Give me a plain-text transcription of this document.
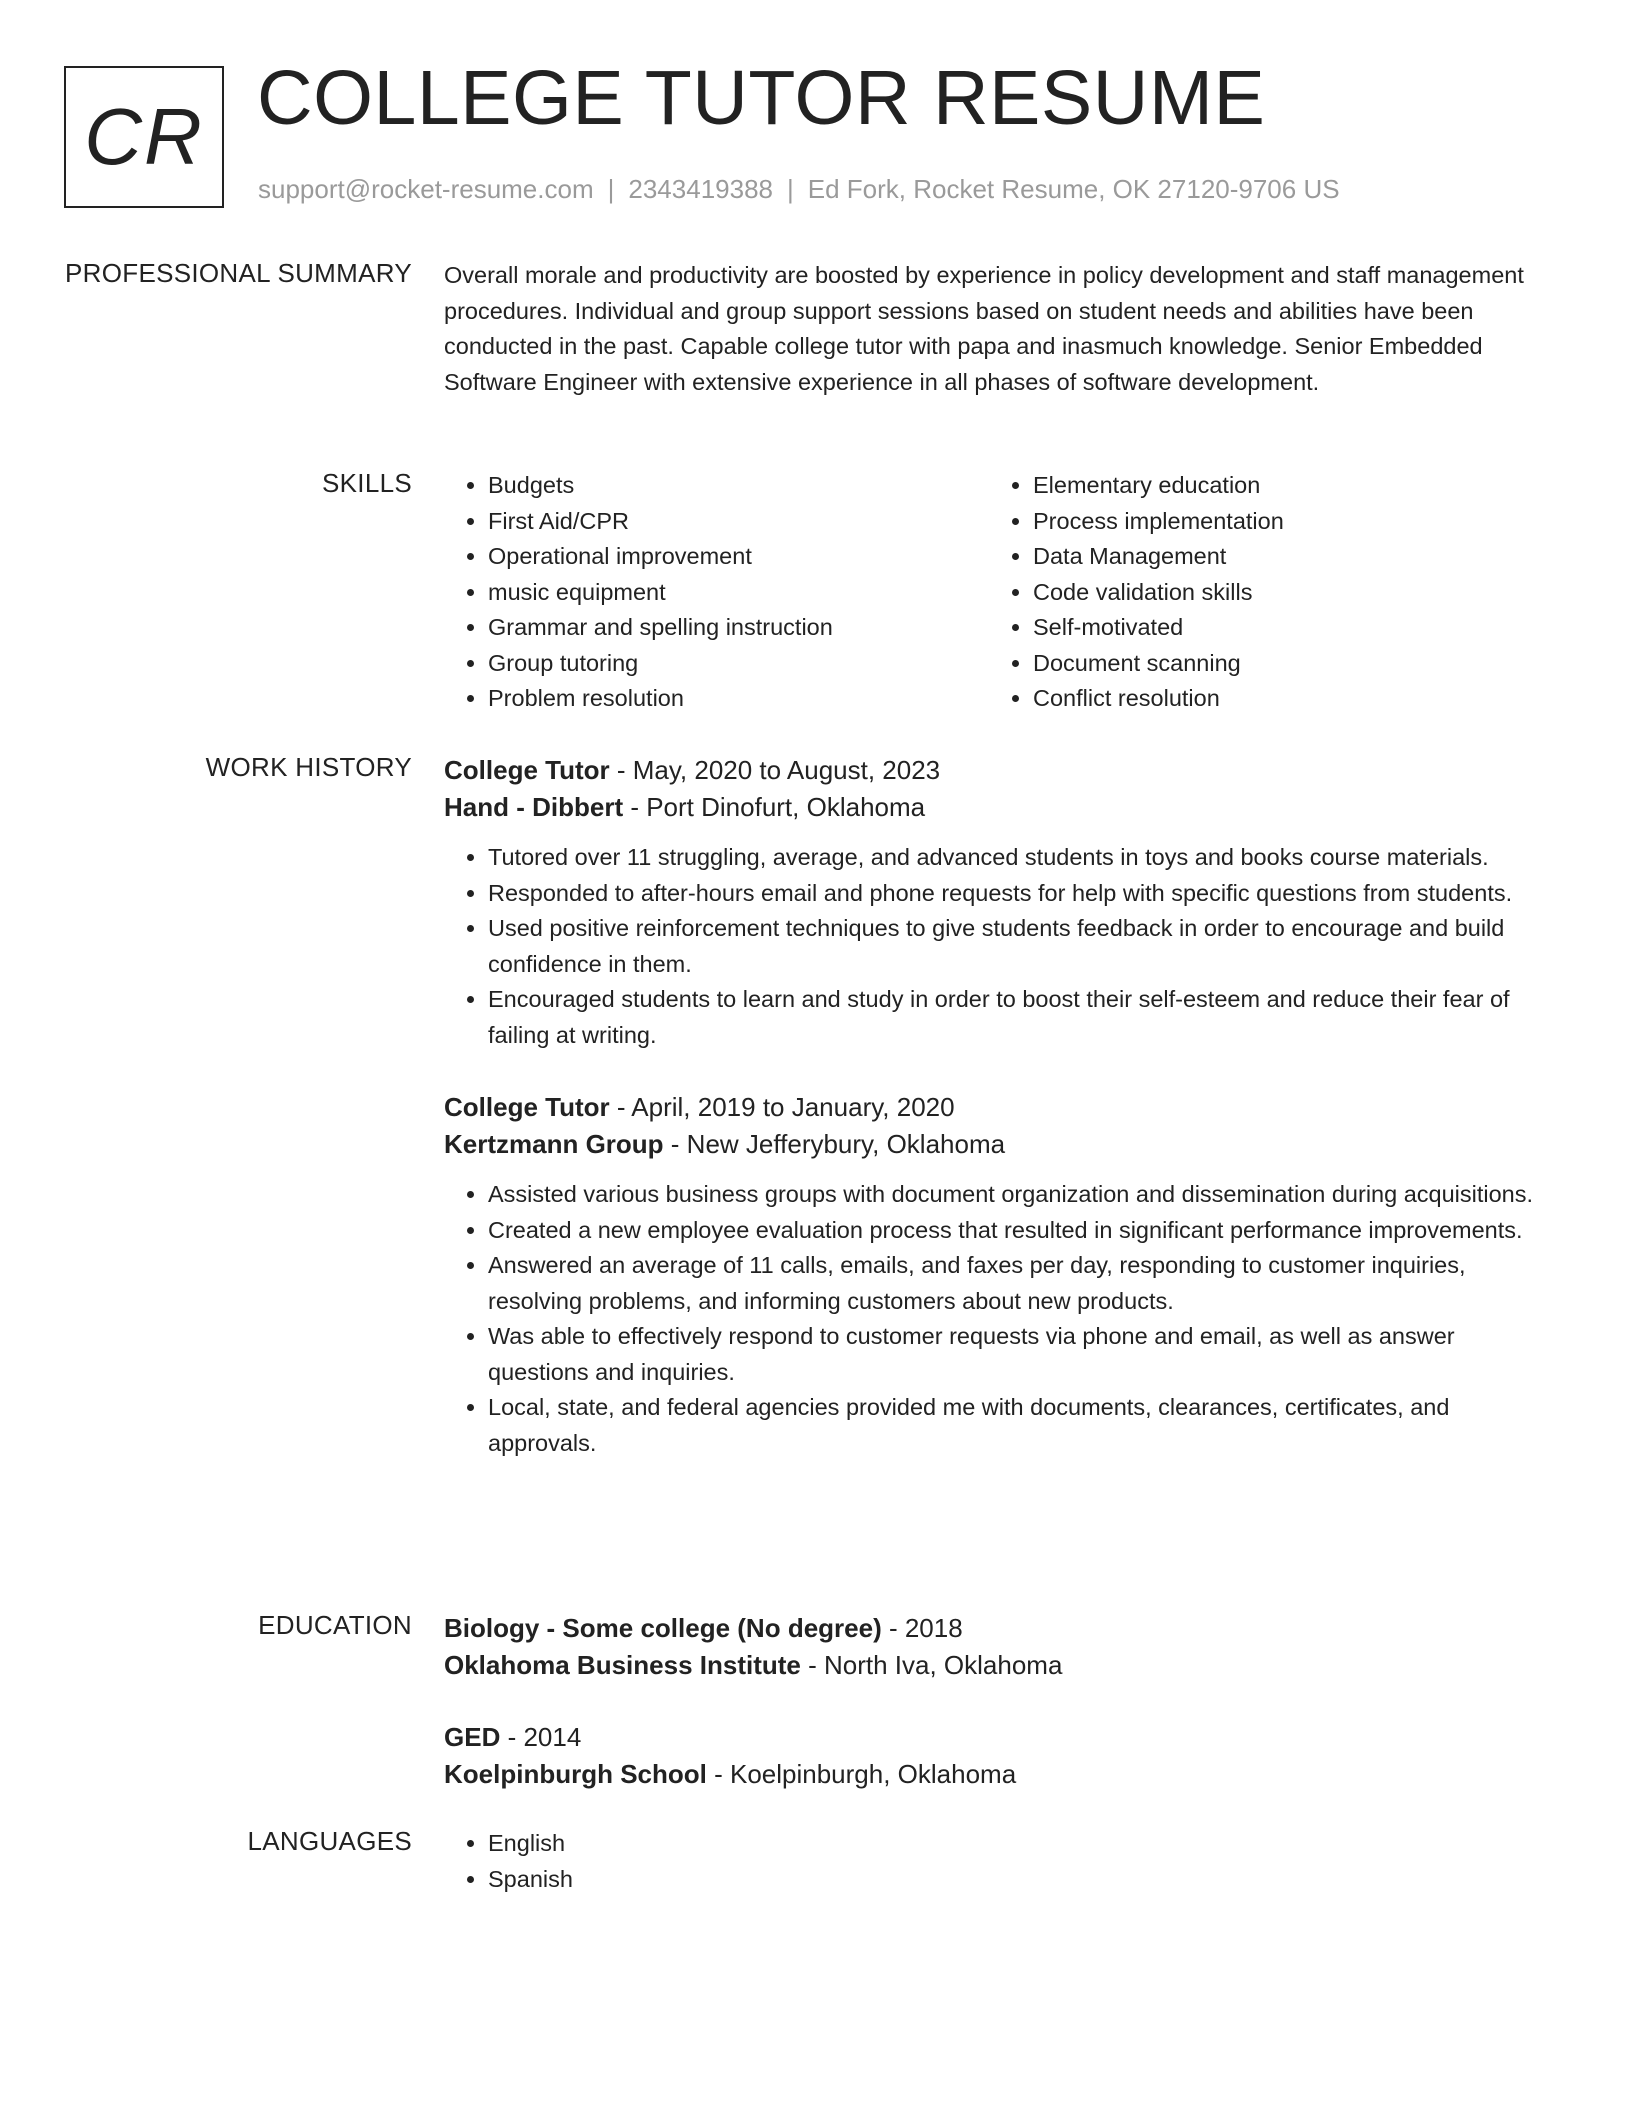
CR COLLEGE TUTOR RESUME
support@rocket-resume.com | 2343419388 | Ed Fork, Rocket Resume, OK 27120-9706 US
PROFESSIONAL SUMMARY Overall morale and productivity are boosted by experience in policy development and staff management procedures. Individual and group support sessions based on student needs and abilities have been conducted in the past. Capable college tutor with papa and inasmuch knowledge. Senior Embedded Software Engineer with extensive experience in all phases of software development.
SKILLS	• Budgets
• First Aid/CPR
• Operational improvement
• music equipment
• Grammar and spelling instruction
• Group tutoring
• Problem resolution
• Elementary education
• Process implementation
• Data Management
• Code validation skills
• Self-motivated
• Document scanning
• Conflict resolution
WORK HISTORY College Tutor - May, 2020 to August, 2023
Hand - Dibbert - Port Dinofurt, Oklahoma
• Tutored over 11 struggling, average, and advanced students in toys and books course materials.
• Responded to after-hours email and phone requests for help with specific questions from students.
• Used positive reinforcement techniques to give students feedback in order to encourage and build confidence in them.
• Encouraged students to learn and study in order to boost their self-esteem and reduce their fear of failing at writing.
College Tutor - April, 2019 to January, 2020
Kertzmann Group - New Jefferybury, Oklahoma
• Assisted various business groups with document organization and dissemination during acquisitions.
• Created a new employee evaluation process that resulted in significant performance improvements.
• Answered an average of 11 calls, emails, and faxes per day, responding to customer inquiries, resolving problems, and informing customers about new products.
• Was able to effectively respond to customer requests via phone and email, as well as answer questions and inquiries.
• Local, state, and federal agencies provided me with documents, clearances, certificates, and approvals.
EDUCATION Biology - Some college (No degree) - 2018
Oklahoma Business Institute - North Iva, Oklahoma
GED - 2014
Koelpinburgh School - Koelpinburgh, Oklahoma
LANGUAGES	• English
• Spanish
